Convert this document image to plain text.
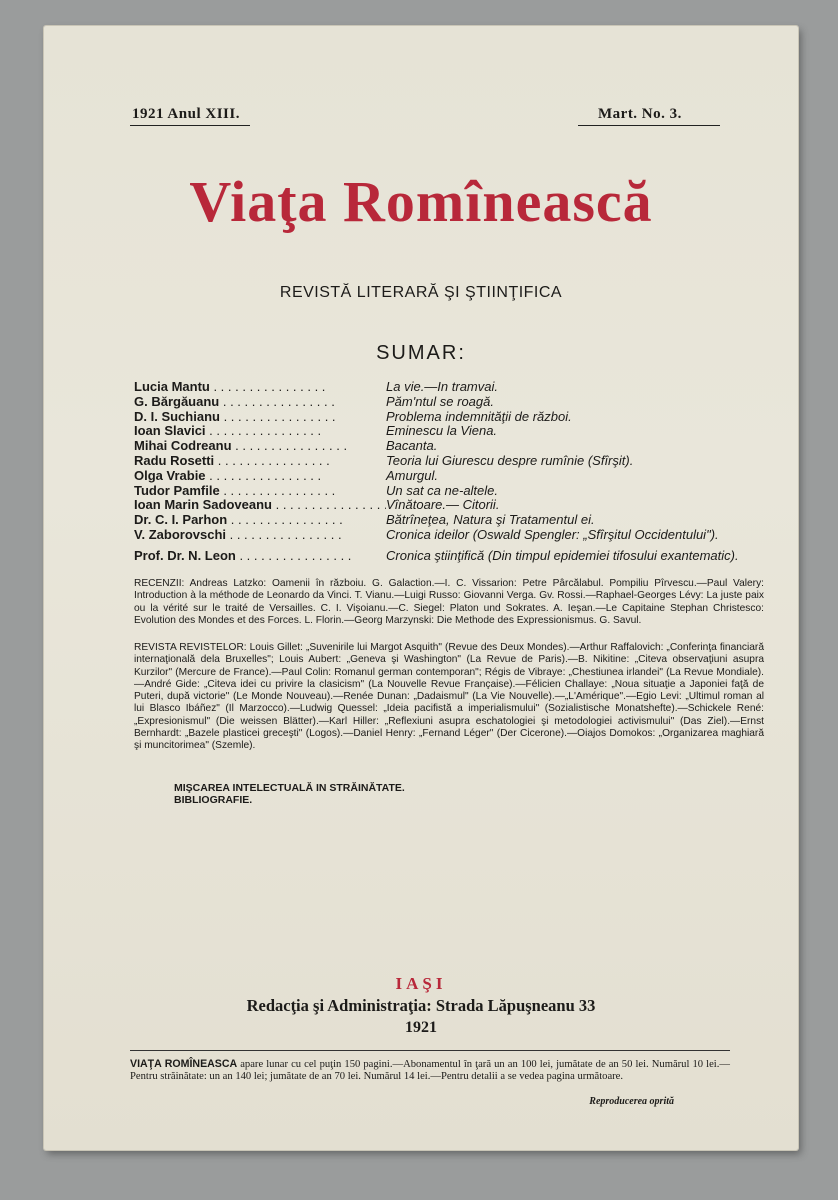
1921 Anul XIII.	Mart. No. 3.
Viaţa Romînească
REVISTĂ LITERARĂ ŞI ŞTIINŢIFICA
SUMAR:
Lucia Mantu . . .	La vie.—In tramvai.
G. Bărgăuanu . . .	Păm'ntul se roagă.
D. I. Suchianu . . .	Problema indemnităţii de război.
Ioan Slavici . . .	Eminescu la Viena.
Mihai Codreanu . . .	Bacanta.
Radu Rosetti . . .	Teoria lui Giurescu despre rumînie (Sfîrşit).
Olga Vrabie . . .	Amurgul.
Tudor Pamfile . . .	Un sat ca ne-altele.
Ioan Marin Sadoveanu . . .	Vînătoare.— Citorii.
Dr. C. I. Parhon . . .	Bătrîneţea, Natura şi Tratamentul ei.
V. Zaborovschi . . .	Cronica ideilor (Oswald Spengler: „Sfîrşitul Occidentului").
Prof. Dr. N. Leon . . .	Cronica ştiinţifică (Din timpul epidemiei tifosului exantematic).
RECENZII: Andreas Latzko: Oamenii în războiu. G. Galaction.—I. C. Vissarion: Petre Pârcălabul. Pompiliu Pîrvescu.—Paul Valery: Introduction à la méthode de Leonardo da Vinci. T. Vianu.—Luigi Russo: Giovanni Verga. Gv. Rossi.—Raphael-Georges Lévy: La juste paix ou la vérité sur le traité de Versailles. C. I. Vişoianu.—C. Siegel: Platon und Sokrates. A. Ieşan.—Le Capitaine Stephan Christesco: Evolution des Mondes et des Forces. L. Florin.—Georg Marzynski: Die Methode des Expressionismus. G. Savul.
REVISTA REVISTELOR: Louis Gillet: „Suvenirile lui Margot Asquith" (Revue des Deux Mondes).—Arthur Raffalovich: „Conferinţa financiară internaţională dela Bruxelles"; Louis Aubert: „Geneva şi Washington" (La Revue de Paris).—B. Nikitine: „Citeva observaţiuni asupra Kurzilor" (Mercure de France).—Paul Colin: Romanul german contemporan"; Régis de Vibraye: „Chestiunea irlandei" (La Revue Mondiale).—André Gide: „Citeva idei cu privire la clasicism" (La Nouvelle Revue Française).—Félicien Challaye: „Noua situaţie a Japoniei faţă de Puteri, după victorie" (Le Monde Nouveau).—Renée Dunan: „Dadaismul" (La Vie Nouvelle).—„L'Amérique".—Egio Levi: „Ultimul roman al lui Blasco Ibáñez" (Il Marzocco).—Ludwig Quessel: „Ideia pacifistă a imperialismului" (Sozialistische Monatshefte).—Schickele René: „Expresionismul" (Die weissen Blätter).—Karl Hiller: „Reflexiuni asupra eschatologiei şi metodologiei activismului" (Das Ziel).—Ernst Bernhardt: „Bazele plasticei greceşti" (Logos).—Daniel Henry: „Fernand Léger" (Der Cicerone).—Oiajos Domokos: „Organizarea maghiară şi muncitorimea" (Szemle).
MIŞCAREA INTELECTUALĂ IN STRĂINĂTATE.
BIBLIOGRAFIE.
IAŞI
Redacţia şi Administraţia: Strada Lăpuşneanu 33
1921
VIAŢA ROMÎNEASCA apare lunar cu cel puţin 150 pagini.—Abonamentul în ţară un an 100 lei, jumătate de an 50 lei. Numărul 10 lei.—Pentru străinătate: un an 140 lei; jumătate de an 70 lei. Numărul 14 lei.—Pentru detalii a se vedea pagina următoare.
Reproducerea oprită
